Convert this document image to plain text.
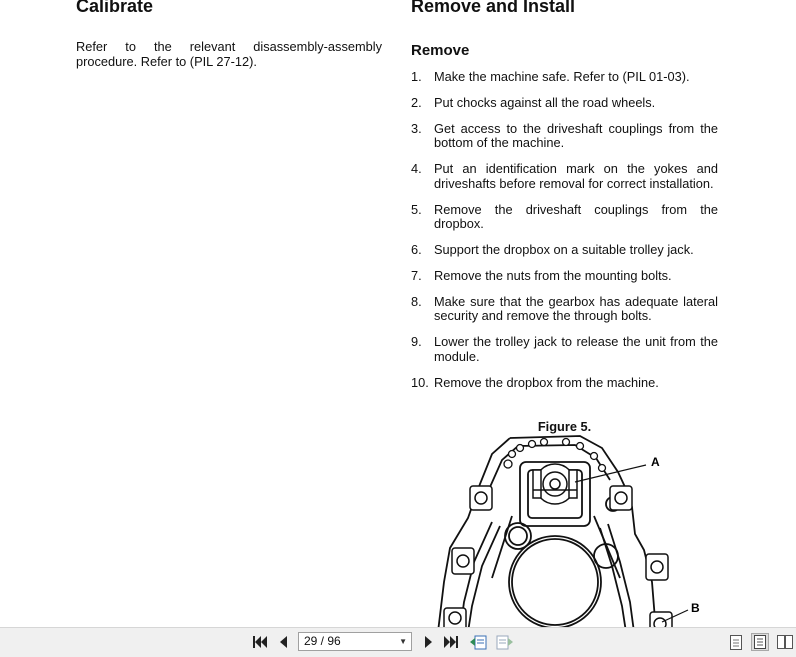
Calibrate
Refer to the relevant disassembly-assembly procedure. Refer to (PIL 27-12).
Remove and Install
Remove
1. Make the machine safe. Refer to (PIL 01-03).
2. Put chocks against all the road wheels.
3. Get access to the driveshaft couplings from the bottom of the machine.
4. Put an identification mark on the yokes and driveshafts before removal for correct installation.
5. Remove the driveshaft couplings from the dropbox.
6. Support the dropbox on a suitable trolley jack.
7. Remove the nuts from the mounting bolts.
8. Make sure that the gearbox has adequate lateral security and remove the through bolts.
9. Lower the trolley jack to release the unit from the module.
10. Remove the dropbox from the machine.
Figure 5.
A
B
29 / 96	▼
